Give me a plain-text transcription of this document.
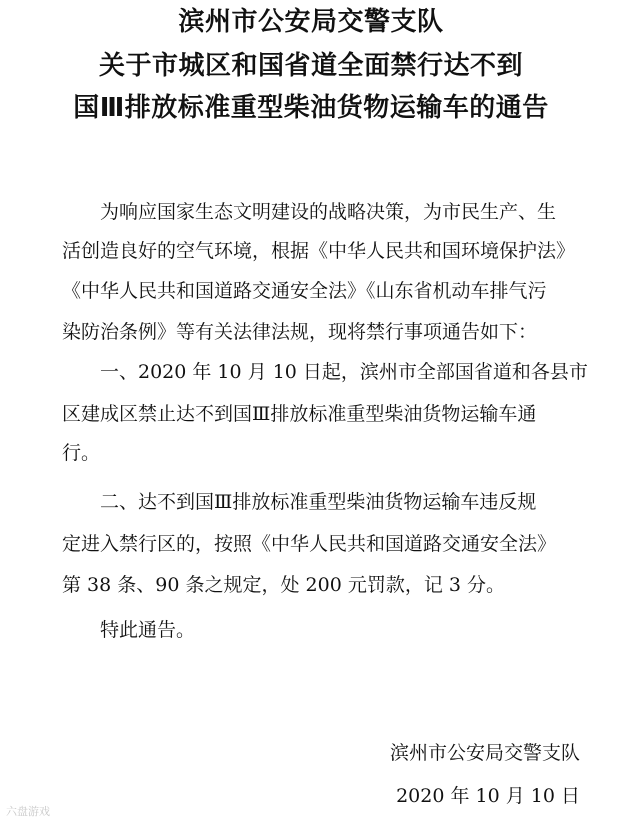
滨州市公安局交警支队
关于市城区和国省道全面禁行达不到
国Ⅲ排放标准重型柴油货物运输车的通告
　　为响应国家生态文明建设的战略决策，为市民生产、生
活创造良好的空气环境，根据《中华人民共和国环境保护法》
《中华人民共和国道路交通安全法》《山东省机动车排气污
染防治条例》等有关法律法规，现将禁行事项通告如下：
　　一、2020 年 10 月 10 日起，滨州市全部国省道和各县市
区建成区禁止达不到国Ⅲ排放标准重型柴油货物运输车通
行。
　　二、达不到国Ⅲ排放标准重型柴油货物运输车违反规
定进入禁行区的，按照《中华人民共和国道路交通安全法》
第 38 条、90 条之规定，处 200 元罚款，记 3 分。
　　特此通告。
滨州市公安局交警支队
2020 年 10 月 10 日
六盘游戏
